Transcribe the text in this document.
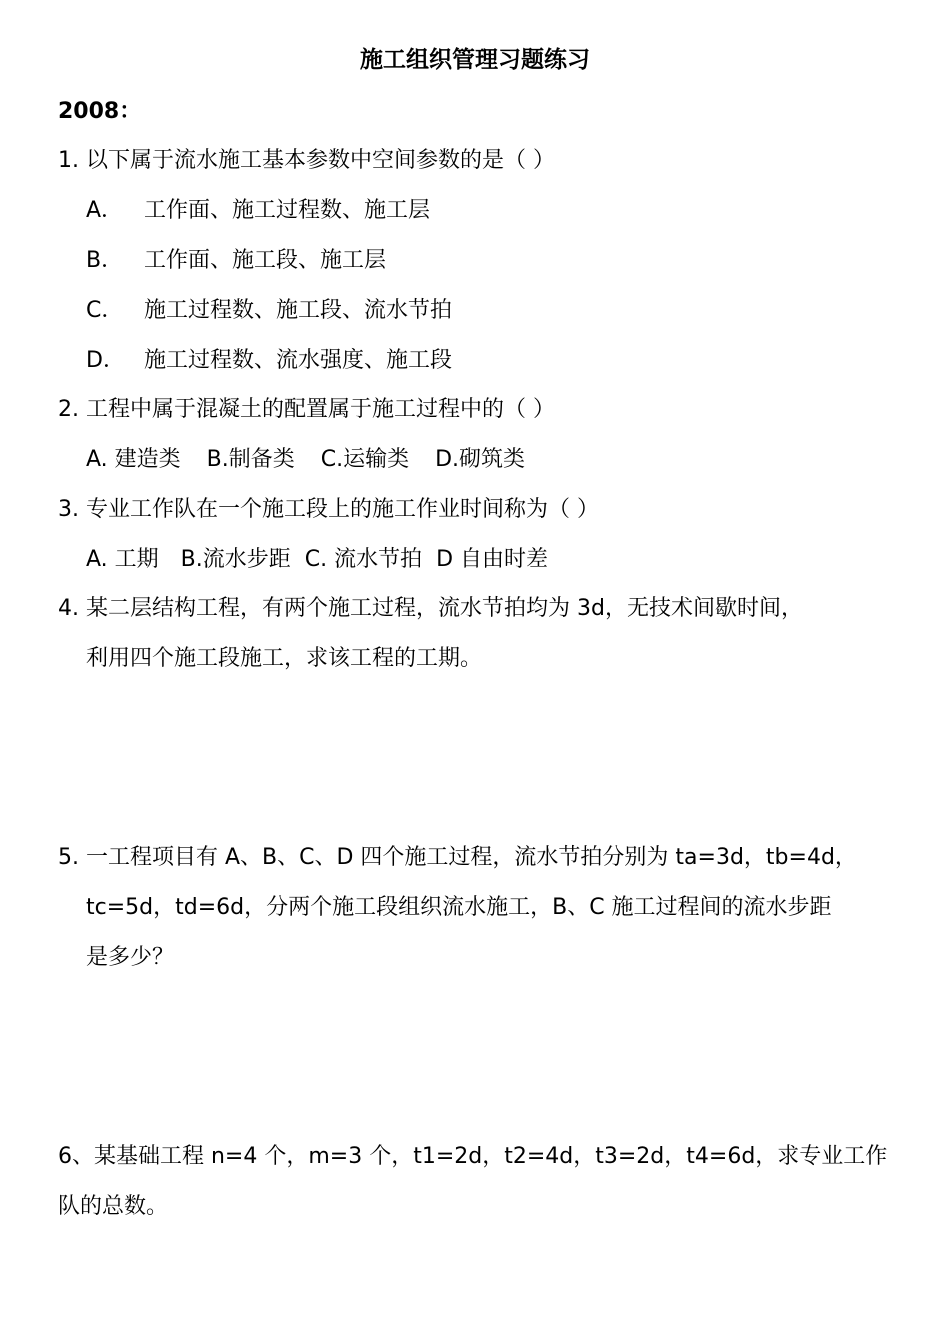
施工组织管理习题练习
2008：
1. 以下属于流水施工基本参数中空间参数的是（ ）
A． 工作面、施工过程数、施工层
B． 工作面、施工段、施工层
C． 施工过程数、施工段、流水节拍
D． 施工过程数、流水强度、施工段
2. 工程中属于混凝土的配置属于施工过程中的（ ）
A. 建造类 B.制备类 C.运输类 D.砌筑类
3. 专业工作队在一个施工段上的施工作业时间称为（ ）
A. 工期 B.流水步距 C. 流水节拍 D 自由时差
4. 某二层结构工程，有两个施工过程，流水节拍均为 3d，无技术间歇时间，
利用四个施工段施工，求该工程的工期。
5. 一工程项目有 A、B、C、D 四个施工过程，流水节拍分别为 ta=3d，tb=4d，
tc=5d，td=6d，分两个施工段组织流水施工，B、C 施工过程间的流水步距
是多少？
6、某基础工程 n=4 个，m=3 个，t1=2d，t2=4d，t3=2d，t4=6d，求专业工作
队的总数。
